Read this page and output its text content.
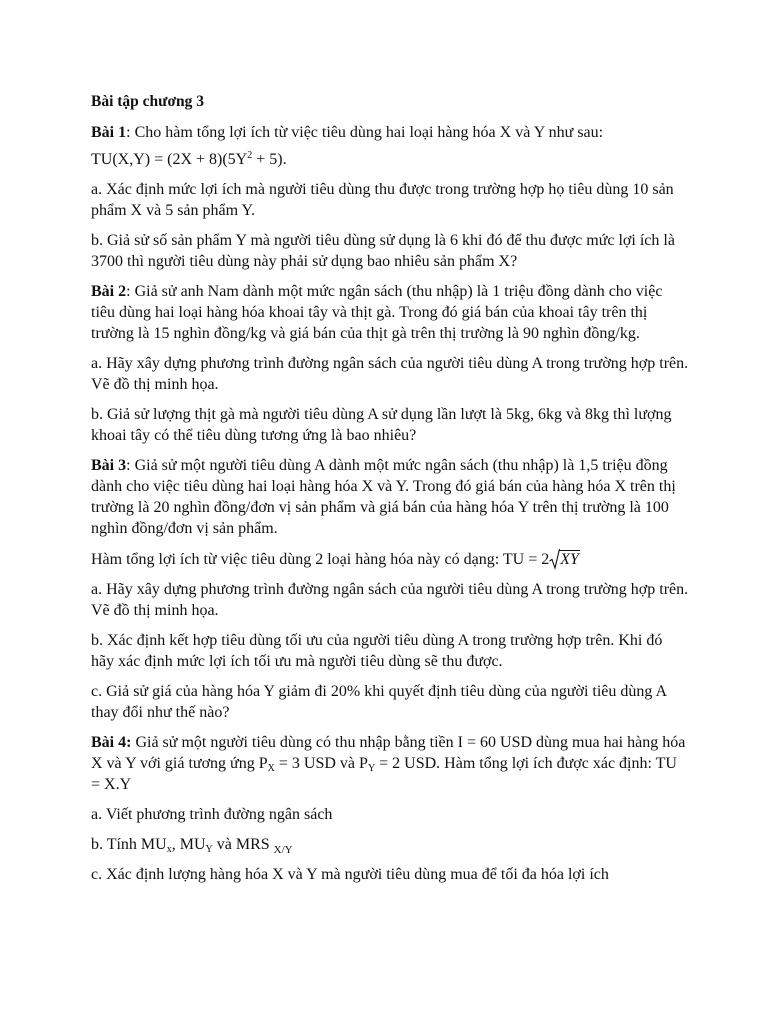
Bài tập chương 3

Bài 1: Cho hàm tổng lợi ích từ việc tiêu dùng hai loại hàng hóa X và Y như sau:

$TU(X,Y) = (2X + 8)(5Y^2 + 5)$.

a. Xác định mức lợi ích mà người tiêu dùng thu được trong trường hợp họ tiêu dùng 10 sản phẩm X và 5 sản phẩm Y.

b. Giả sử số sản phẩm Y mà người tiêu dùng sử dụng là 6 khi đó để thu được mức lợi ích là 3700 thì người tiêu dùng này phải sử dụng bao nhiêu sản phẩm X?

Bài 2: Giả sử anh Nam dành một mức ngân sách (thu nhập) là 1 triệu đồng dành cho việc tiêu dùng hai loại hàng hóa khoai tây và thịt gà. Trong đó giá bán của khoai tây trên thị trường là 15 nghìn đồng/kg và giá bán của thịt gà trên thị trường là 90 nghìn đồng/kg.

a. Hãy xây dựng phương trình đường ngân sách của người tiêu dùng A trong trường hợp trên. Vẽ đồ thị minh họa.

b. Giả sử lượng thịt gà mà người tiêu dùng A sử dụng lần lượt là 5kg, 6kg và 8kg thì lượng khoai tây có thể tiêu dùng tương ứng là bao nhiêu?

Bài 3: Giả sử một người tiêu dùng A dành một mức ngân sách (thu nhập) là 1,5 triệu đồng dành cho việc tiêu dùng hai loại hàng hóa X và Y. Trong đó giá bán của hàng hóa X trên thị trường là 20 nghìn đồng/đơn vị sản phẩm và giá bán của hàng hóa Y trên thị trường là 100 nghìn đồng/đơn vị sản phẩm.

Hàm tổng lợi ích từ việc tiêu dùng 2 loại hàng hóa này có dạng: TU = 2 XY

a. Hãy xây dựng phương trình đường ngân sách của người tiêu dùng A trong trường hợp trên. Vẽ đồ thị minh họa.

b. Xác định kết hợp tiêu dùng tối ưu của người tiêu dùng A trong trường hợp trên. Khi đó hãy xác định mức lợi ích tối ưu mà người tiêu dùng sẽ thu được.

c. Giả sử giá của hàng hóa Y giảm đi 20% khi quyết định tiêu dùng của người tiêu dùng A thay đổi như thế nào?

Bài 4: Giả sử một người tiêu dùng có thu nhập bằng tiền I = 60 USD dùng mua hai hàng hóa X và Y với giá tương ứng $P_X = 3$ USD và $P_Y = 2$ USD. Hàm tổng lợi ích được xác định: TU = X.Y

a. Viết phương trình đường ngân sách

b. Tính $MU_x$, $MU_Y$ và MRS $_{X/Y}$

c. Xác định lượng hàng hóa X và Y mà người tiêu dùng mua để tối đa hóa lợi ích
